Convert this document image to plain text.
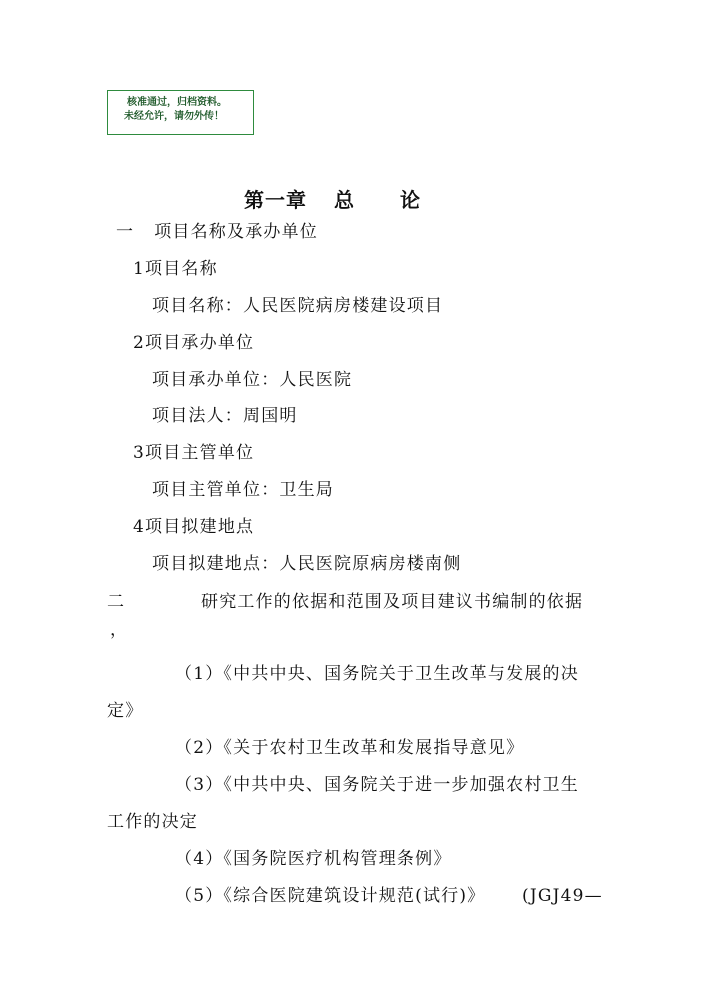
核准通过，归档资料。
未经允许，请勿外传！
第一章 总 论
一 项目名称及承办单位
1项目名称
项目名称：人民医院病房楼建设项目
2项目承办单位
项目承办单位：人民医院
项目法人：周国明
3项目主管单位
项目主管单位：卫生局
4项目拟建地点
项目拟建地点：人民医院原病房楼南侧
二	研究工作的依据和范围及项目建议书编制的依据
，
（1）《中共中央、国务院关于卫生改革与发展的决
定》
（2）《关于农村卫生改革和发展指导意见》
（3）《中共中央、国务院关于进一步加强农村卫生
工作的决定
（4）《国务院医疗机构管理条例》
（5）《综合医院建筑设计规范(试行)》 (JGJ49—
